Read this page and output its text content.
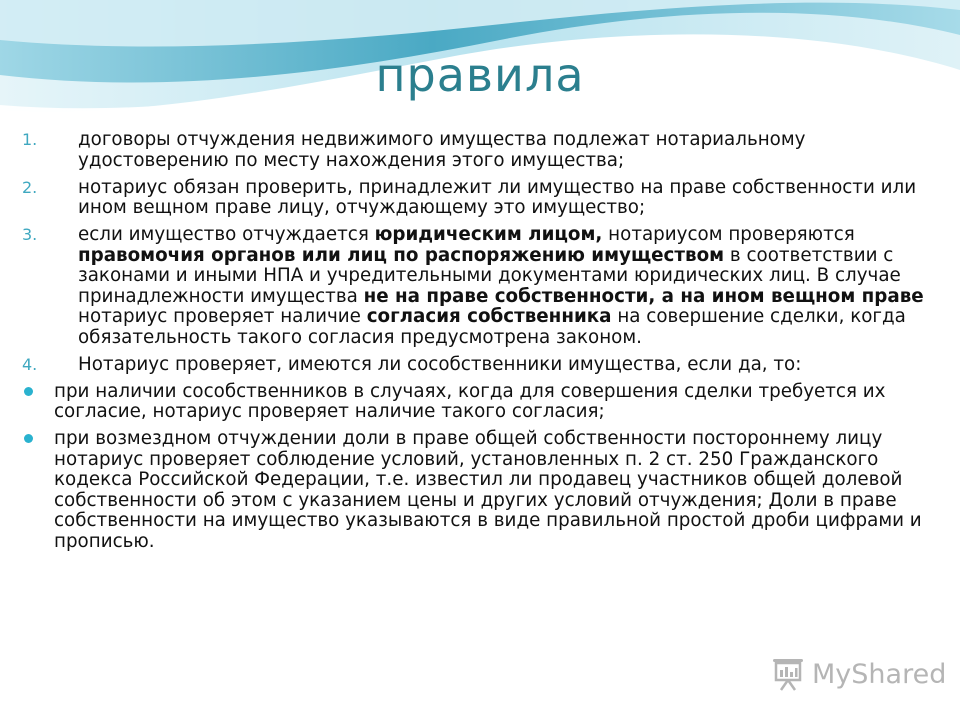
правила
1. договоры отчуждения недвижимого имущества подлежат нотариальному удостоверению по месту нахождения этого имущества;
2. нотариус обязан проверить, принадлежит ли имущество на праве собственности или ином вещном праве лицу, отчуждающему это имущество;
3. если имущество отчуждается юридическим лицом, нотариусом проверяются правомочия органов или лиц по распоряжению имуществом в соответствии с законами и иными НПА и учредительными документами юридических лиц. В случае принадлежности имущества не на праве собственности, а на ином вещном праве нотариус проверяет наличие согласия собственника на совершение сделки, когда обязательность такого согласия предусмотрена законом.
4. Нотариус проверяет, имеются ли сособственники имущества, если да, то:
при наличии сособственников в случаях, когда для совершения сделки требуется их согласие, нотариус проверяет наличие такого согласия;
при возмездном отчуждении доли в праве общей собственности постороннему лицу нотариус проверяет соблюдение условий, установленных п. 2 ст. 250 Гражданского кодекса Российской Федерации, т.е. известил ли продавец участников общей долевой собственности об этом с указанием цены и других условий отчуждения; Доли в праве собственности на имущество указываются в виде правильной простой дроби цифрами и прописью.
MyShared
